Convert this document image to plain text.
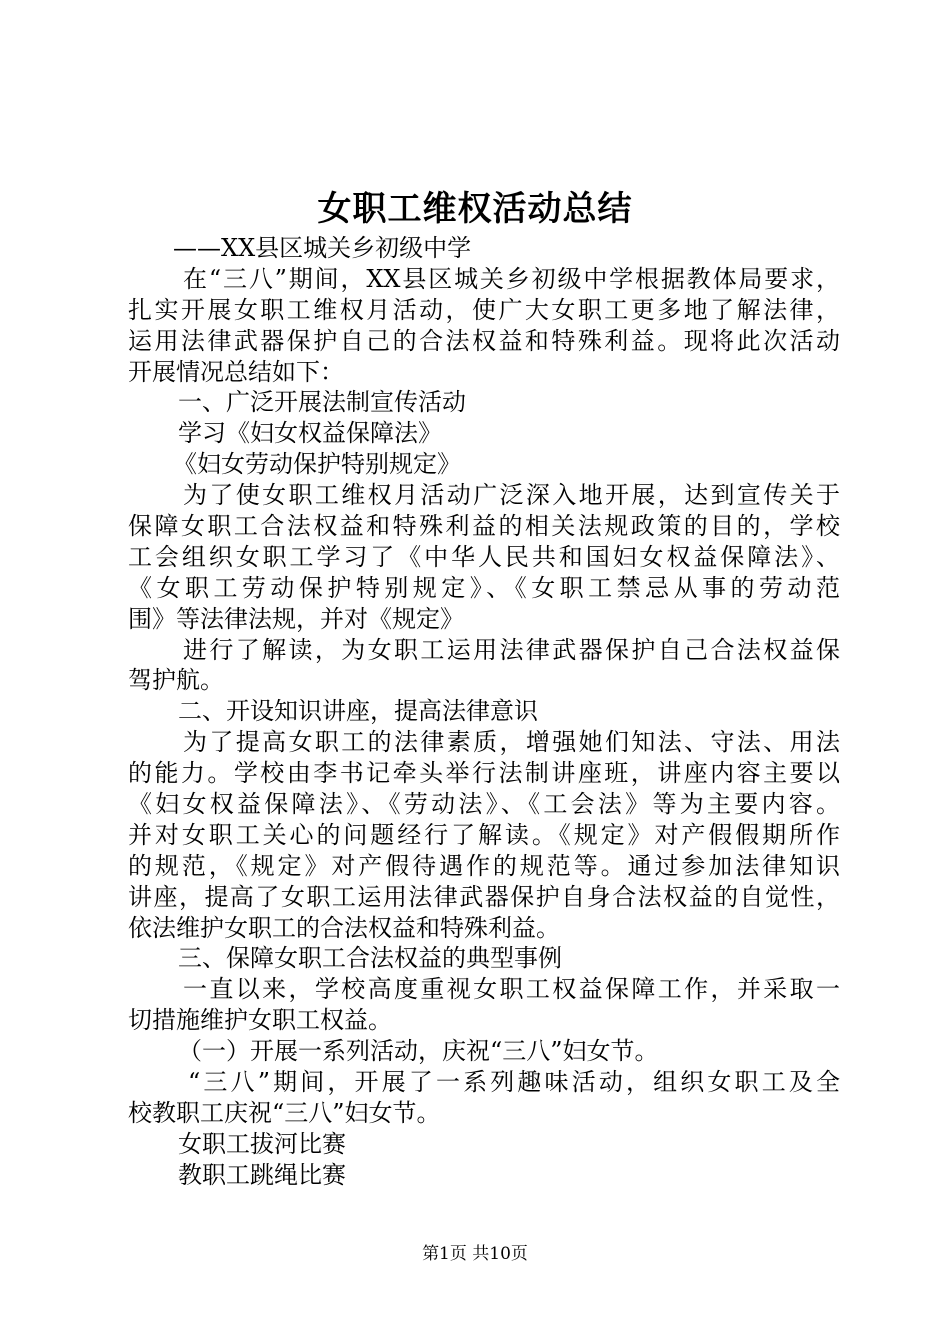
女职工维权活动总结
——XX县区城关乡初级中学
在“三八”期间，XX县区城关乡初级中学根据教体局要求，
扎实开展女职工维权月活动，使广大女职工更多地了解法律，
运用法律武器保护自己的合法权益和特殊利益。现将此次活动
开展情况总结如下：
一、广泛开展法制宣传活动
学习《妇女权益保障法》
《妇女劳动保护特别规定》
为了使女职工维权月活动广泛深入地开展，达到宣传关于
保障女职工合法权益和特殊利益的相关法规政策的目的，学校
工会组织女职工学习了《中华人民共和国妇女权益保障法》、
《女职工劳动保护特别规定》、《女职工禁忌从事的劳动范
围》等法律法规，并对《规定》
进行了解读，为女职工运用法律武器保护自己合法权益保
驾护航。
二、开设知识讲座，提高法律意识
为了提高女职工的法律素质，增强她们知法、守法、用法
的能力。学校由李书记牵头举行法制讲座班，讲座内容主要以
《妇女权益保障法》、《劳动法》、《工会法》等为主要内容。
并对女职工关心的问题经行了解读。《规定》对产假假期所作
的规范，《规定》对产假待遇作的规范等。通过参加法律知识
讲座，提高了女职工运用法律武器保护自身合法权益的自觉性，
依法维护女职工的合法权益和特殊利益。
三、保障女职工合法权益的典型事例
一直以来，学校高度重视女职工权益保障工作，并采取一
切措施维护女职工权益。
（一）开展一系列活动，庆祝“三八”妇女节。
“三八”期间，开展了一系列趣味活动，组织女职工及全
校教职工庆祝“三八”妇女节。
女职工拔河比赛
教职工跳绳比赛
第1页 共10页
